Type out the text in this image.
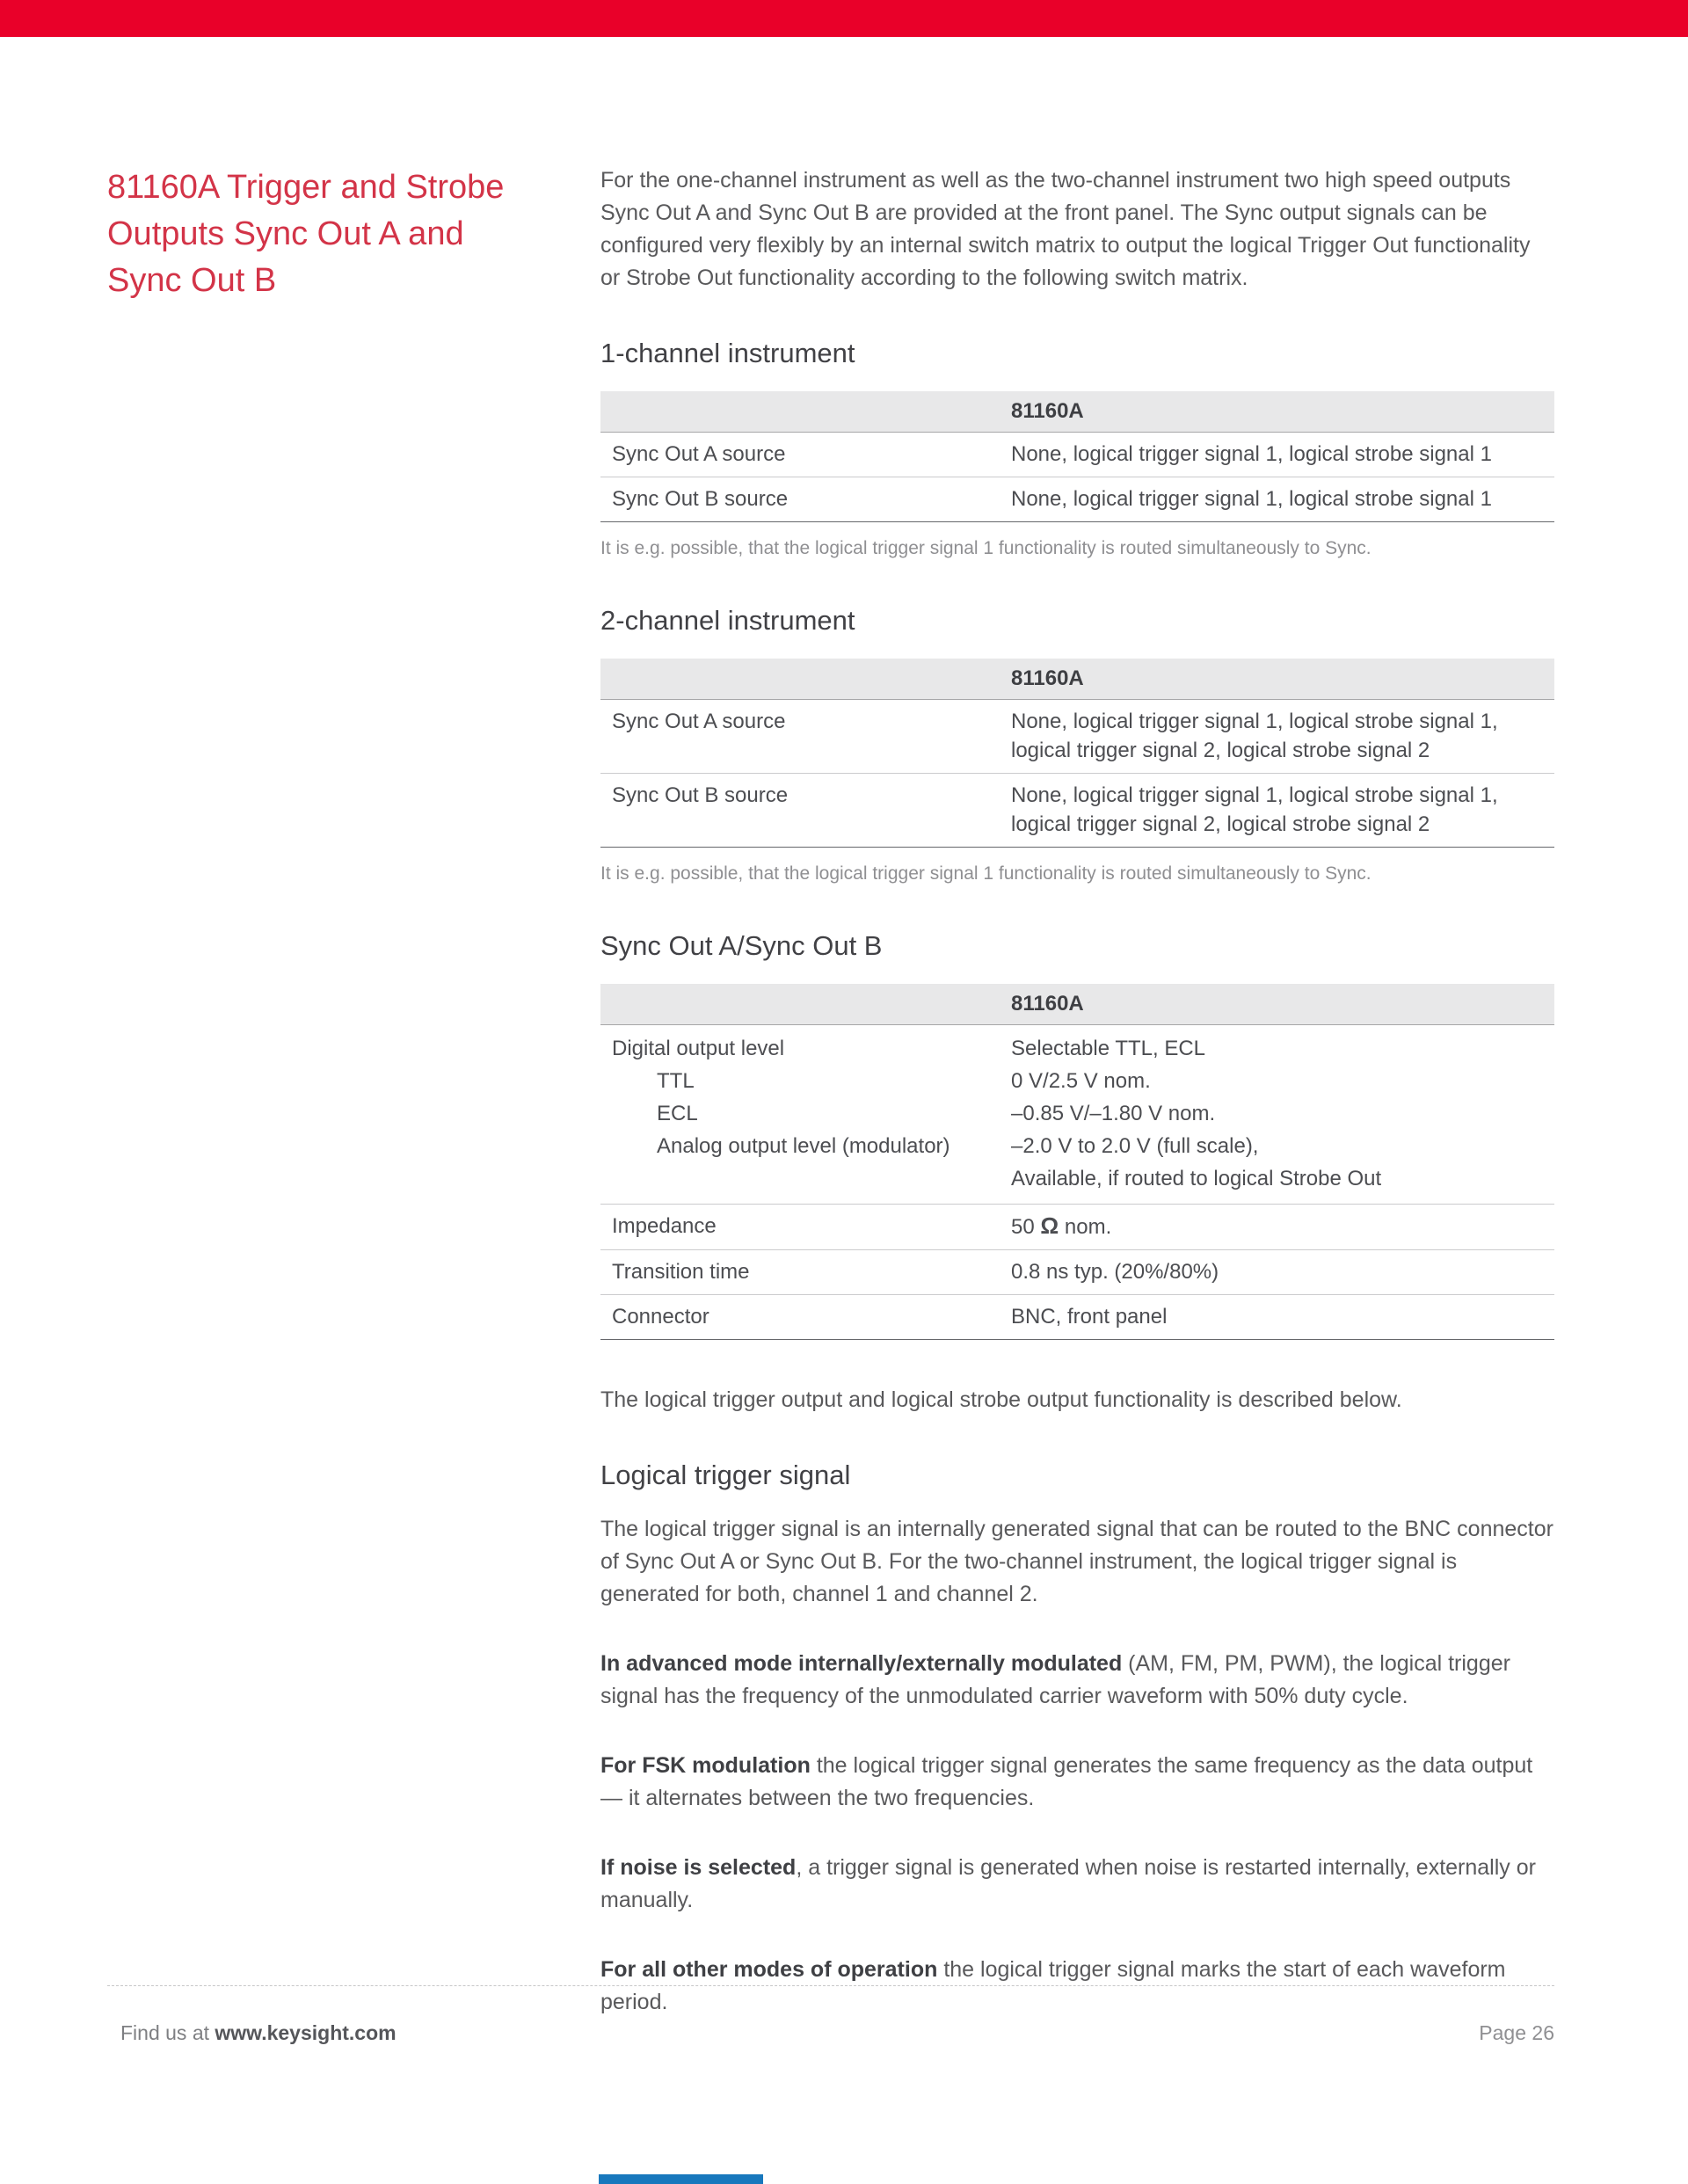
81160A Trigger and Strobe Outputs Sync Out A and Sync Out B

For the one-channel instrument as well as the two-channel instrument two high speed outputs Sync Out A and Sync Out B are provided at the front panel. The Sync output signals can be configured very flexibly by an internal switch matrix to output the logical Trigger Out functionality or Strobe Out functionality according to the following switch matrix.

1-channel instrument
81160A
Sync Out A source	None, logical trigger signal 1, logical strobe signal 1
Sync Out B source	None, logical trigger signal 1, logical strobe signal 1

It is e.g. possible, that the logical trigger signal 1 functionality is routed simultaneously to Sync.

2-channel instrument
81160A
Sync Out A source	None, logical trigger signal 1, logical strobe signal 1,
logical trigger signal 2, logical strobe signal 2
Sync Out B source	None, logical trigger signal 1, logical strobe signal 1,
logical trigger signal 2, logical strobe signal 2

It is e.g. possible, that the logical trigger signal 1 functionality is routed simultaneously to Sync.

Sync Out A/Sync Out B
81160A
Digital output level	Selectable TTL, ECL
TTL	0 V/2.5 V nom.
ECL	–0.85 V/–1.80 V nom.
Analog output level (modulator)	–2.0 V to 2.0 V (full scale),
Available, if routed to logical Strobe Out
Impedance	50 Ω nom.
Transition time	0.8 ns typ. (20%/80%)
Connector	BNC, front panel

The logical trigger output and logical strobe output functionality is described below.

Logical trigger signal

The logical trigger signal is an internally generated signal that can be routed to the BNC connector of Sync Out A or Sync Out B. For the two-channel instrument, the logical trigger signal is generated for both, channel 1 and channel 2.

In advanced mode internally/externally modulated (AM, FM, PM, PWM), the logical trigger signal has the frequency of the unmodulated carrier waveform with 50% duty cycle.

For FSK modulation the logical trigger signal generates the same frequency as the data output — it alternates between the two frequencies.

If noise is selected, a trigger signal is generated when noise is restarted internally, externally or manually.

For all other modes of operation the logical trigger signal marks the start of each waveform period.

Find us at www.keysight.com	Page 26
